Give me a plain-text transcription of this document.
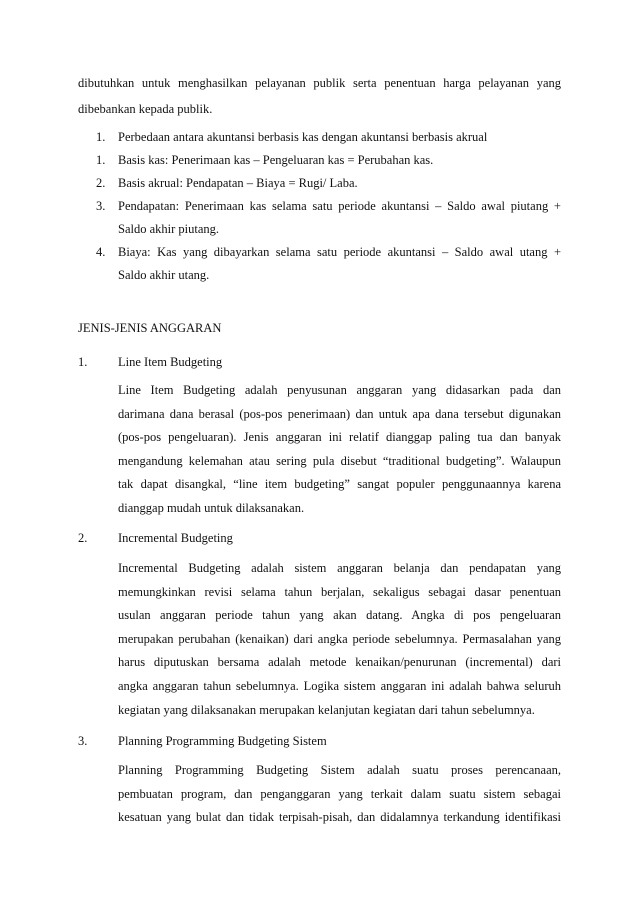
dibutuhkan untuk menghasilkan pelayanan publik serta penentuan harga pelayanan yang
dibebankan kepada publik.
1. Perbedaan antara akuntansi berbasis kas dengan akuntansi berbasis akrual
1. Basis kas: Penerimaan kas – Pengeluaran kas = Perubahan kas.
2. Basis akrual: Pendapatan – Biaya = Rugi/ Laba.
3. Pendapatan: Penerimaan kas selama satu periode akuntansi – Saldo awal piutang +
Saldo akhir piutang.
4. Biaya: Kas yang dibayarkan selama satu periode akuntansi – Saldo awal utang +
Saldo akhir utang.
JENIS-JENIS ANGGARAN
1. Line Item Budgeting
Line Item Budgeting adalah penyusunan anggaran yang didasarkan pada dan
darimana dana berasal (pos-pos penerimaan) dan untuk apa dana tersebut digunakan
(pos-pos pengeluaran). Jenis anggaran ini relatif dianggap paling tua dan banyak
mengandung kelemahan atau sering pula disebut “traditional budgeting”. Walaupun
tak dapat disangkal, “line item budgeting” sangat populer penggunaannya karena
dianggap mudah untuk dilaksanakan.
2. Incremental Budgeting
Incremental Budgeting adalah sistem anggaran belanja dan pendapatan yang
memungkinkan revisi selama tahun berjalan, sekaligus sebagai dasar penentuan
usulan anggaran periode tahun yang akan datang. Angka di pos pengeluaran
merupakan perubahan (kenaikan) dari angka periode sebelumnya. Permasalahan yang
harus diputuskan bersama adalah metode kenaikan/penurunan (incremental) dari
angka anggaran tahun sebelumnya. Logika sistem anggaran ini adalah bahwa seluruh
kegiatan yang dilaksanakan merupakan kelanjutan kegiatan dari tahun sebelumnya.
3. Planning Programming Budgeting Sistem
Planning Programming Budgeting Sistem adalah suatu proses perencanaan,
pembuatan program, dan penganggaran yang terkait dalam suatu sistem sebagai
kesatuan yang bulat dan tidak terpisah-pisah, dan didalamnya terkandung identifikasi
